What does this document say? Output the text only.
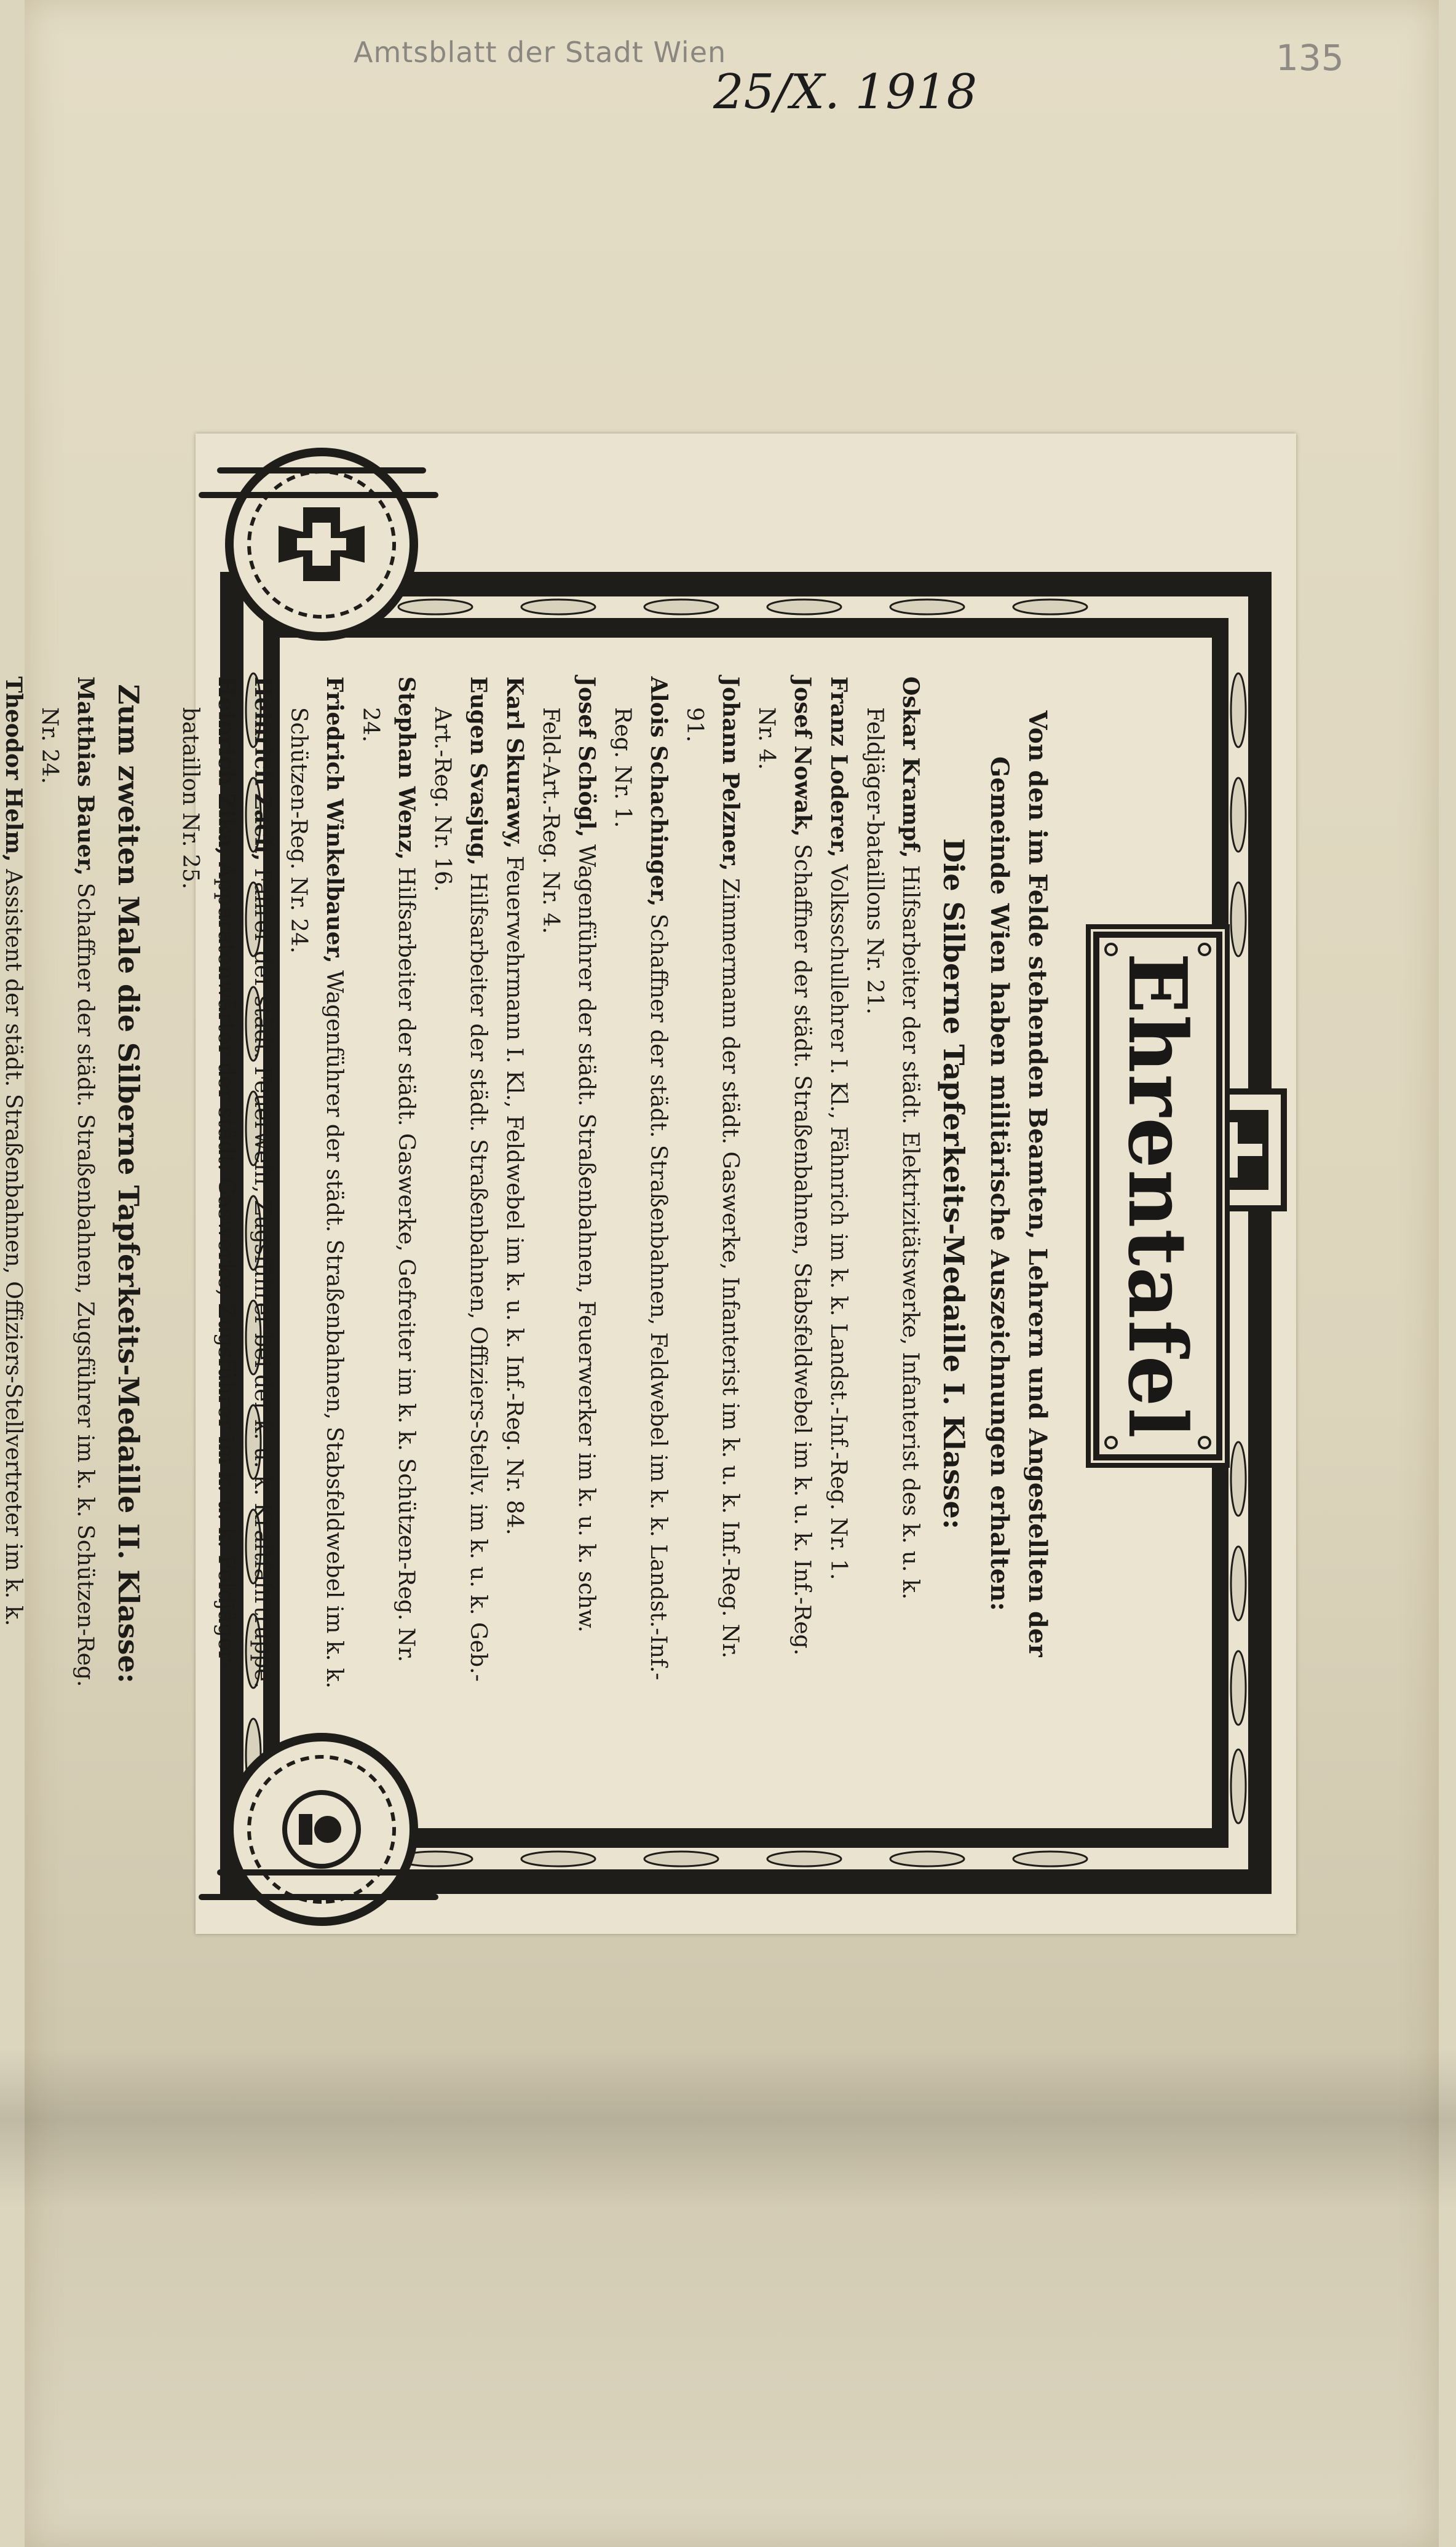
Amtsblatt der Stadt Wien
25/X. 1918
135
Ehrentafel
Von den im Felde stehenden Beamten, Lehrern und Angestellten der Gemeinde Wien haben militärische Auszeichnungen erhalten:
Die Silberne Tapferkeits-Medaille I. Klasse:
Oskar Krampf, Hilfsarbeiter der städt. Elektrizitätswerke, Infanterist des k. u. k. Feldjäger-bataillons Nr. 21.
Franz Loderer, Volksschullehrer I. Kl., Fähnrich im k. k. Landst.-Inf.-Reg. Nr. 1.
Josef Nowak, Schaffner der städt. Straßenbahnen, Stabsfeldwebel im k. u. k. Inf.-Reg. Nr. 4.
Johann Pelzner, Zimmermann der städt. Gaswerke, Infanterist im k. u. k. Inf.-Reg. Nr. 91.
Alois Schachinger, Schaffner der städt. Straßenbahnen, Feldwebel im k. k. Landst.-Inf.-Reg. Nr. 1.
Josef Schögl, Wagenführer der städt. Straßenbahnen, Feuerwerker im k. u. k. schw. Feld-Art.-Reg. Nr. 4.
Karl Skurawy, Feuerwehrmann I. Kl., Feldwebel im k. u. k. Inf.-Reg. Nr. 84.
Eugen Svasjug, Hilfsarbeiter der städt. Straßenbahnen, Offiziers-Stellv. im k. u. k. Geb.-Art.-Reg. Nr. 16.
Stephan Wenz, Hilfsarbeiter der städt. Gaswerke, Gefreiter im k. k. Schützen-Reg. Nr. 24.
Friedrich Winkelbauer, Wagenführer der städt. Straßenbahnen, Stabsfeldwebel im k. k. Schützen-Reg. Nr. 24.
Heinrich Zach, Fahrer der städt. Feuerwehr, Zugsführer bei der k. u. k. Kraftfahrtruppe.
Heinrich Zika, Apparatenwärter der städt. Gaswerke, Zugsführer im k. u. k. Feldjäger-bataillon Nr. 25.
Zum zweiten Male die Silberne Tapferkeits-Medaille II. Klasse:
Matthias Bauer, Schaffner der städt. Straßenbahnen, Zugsführer im k. k. Schützen-Reg. Nr. 24.
Theodor Helm, Assistent der städt. Straßenbahnen, Offiziers-Stellvertreter im k. k.
